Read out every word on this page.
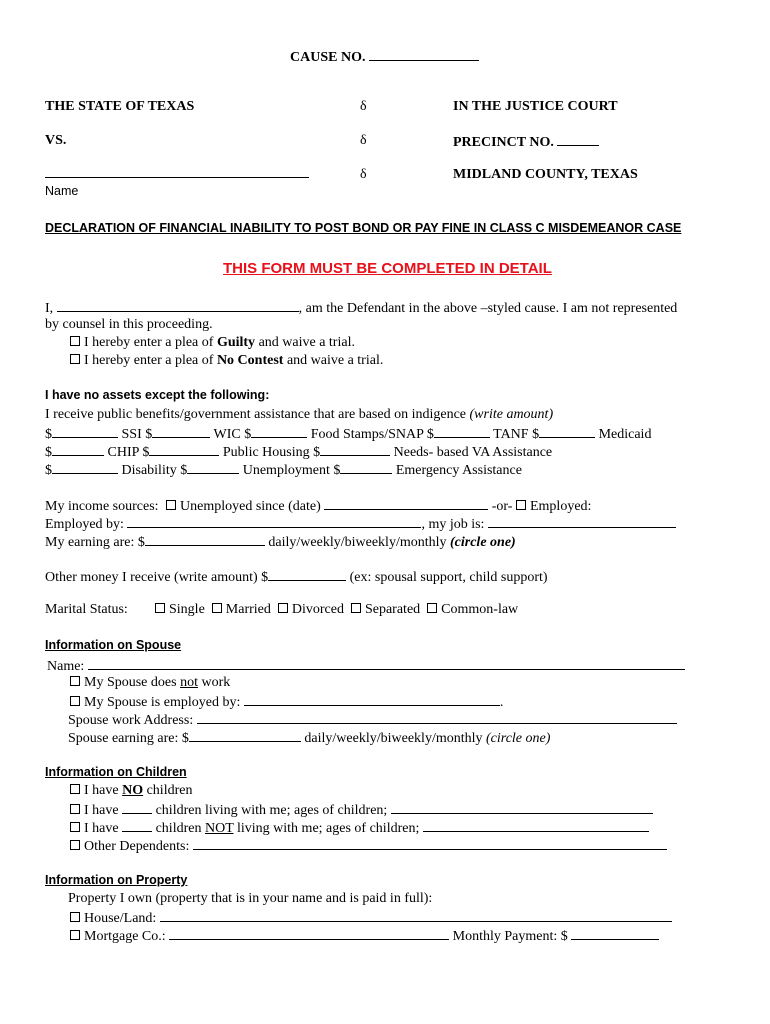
CAUSE NO.
THE STATE OF TEXAS	δ	IN THE JUSTICE COURT
VS.	δ	PRECINCT NO.
δ	MIDLAND COUNTY, TEXAS
Name
DECLARATION OF FINANCIAL INABILITY TO POST BOND OR PAY FINE IN CLASS C MISDEMEANOR CASE
THIS FORM MUST BE COMPLETED IN DETAIL
I,	, am the Defendant in the above –styled cause. I am not represented
by counsel in this proceeding.
I hereby enter a plea of Guilty and waive a trial.
I hereby enter a plea of No Contest and waive a trial.
I have no assets except the following:
I receive public benefits/government assistance that are based on indigence (write amount)
$	SSI $	WIC $	Food Stamps/SNAP $	TANF $	Medicaid
$	CHIP $	Public Housing $	Needs- based VA Assistance
$	Disability $	Unemployment $	Emergency Assistance
My income sources: Unemployed since (date)	-or- Employed:
Employed by:	, my job is:
My earning are: $	daily/weekly/biweekly/monthly (circle one)
Other money I receive (write amount) $	(ex: spousal support, child support)
Marital Status:	Single Married Divorced Separated Common-law
Information on Spouse
Name:
My Spouse does not work
My Spouse is employed by:	.
Spouse work Address:
Spouse earning are: $	daily/weekly/biweekly/monthly (circle one)
Information on Children
I have NO children
I have	children living with me; ages of children;
I have	children NOT living with me; ages of children;
Other Dependents:
Information on Property
Property I own (property that is in your name and is paid in full):
House/Land:
Mortgage Co.:	Monthly Payment: $
